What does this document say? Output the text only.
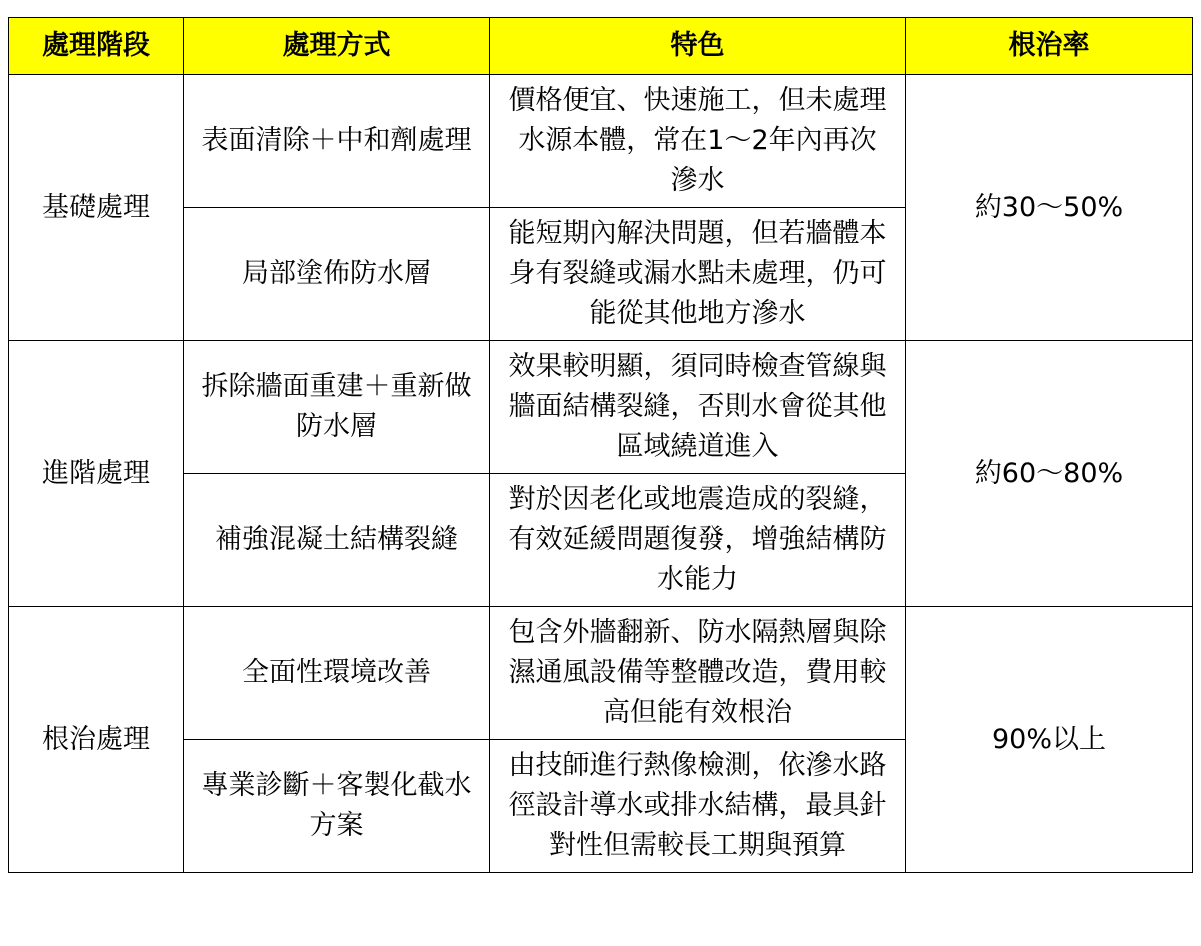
處理階段	處理方式	特色	根治率
基礎處理	表面清除＋中和劑處理	價格便宜、快速施工，但未處理水源本體，常在1～2年內再次滲水	約30～50%
	局部塗佈防水層	能短期內解決問題，但若牆體本身有裂縫或漏水點未處理，仍可能從其他地方滲水	
進階處理	拆除牆面重建＋重新做防水層	效果較明顯，須同時檢查管線與牆面結構裂縫，否則水會從其他區域繞道進入	約60～80%
	補強混凝土結構裂縫	對於因老化或地震造成的裂縫，有效延緩問題復發，增強結構防水能力	
根治處理	全面性環境改善	包含外牆翻新、防水隔熱層與除濕通風設備等整體改造，費用較高但能有效根治	90%以上
	專業診斷＋客製化截水方案	由技師進行熱像檢測，依滲水路徑設計導水或排水結構，最具針對性但需較長工期與預算	
